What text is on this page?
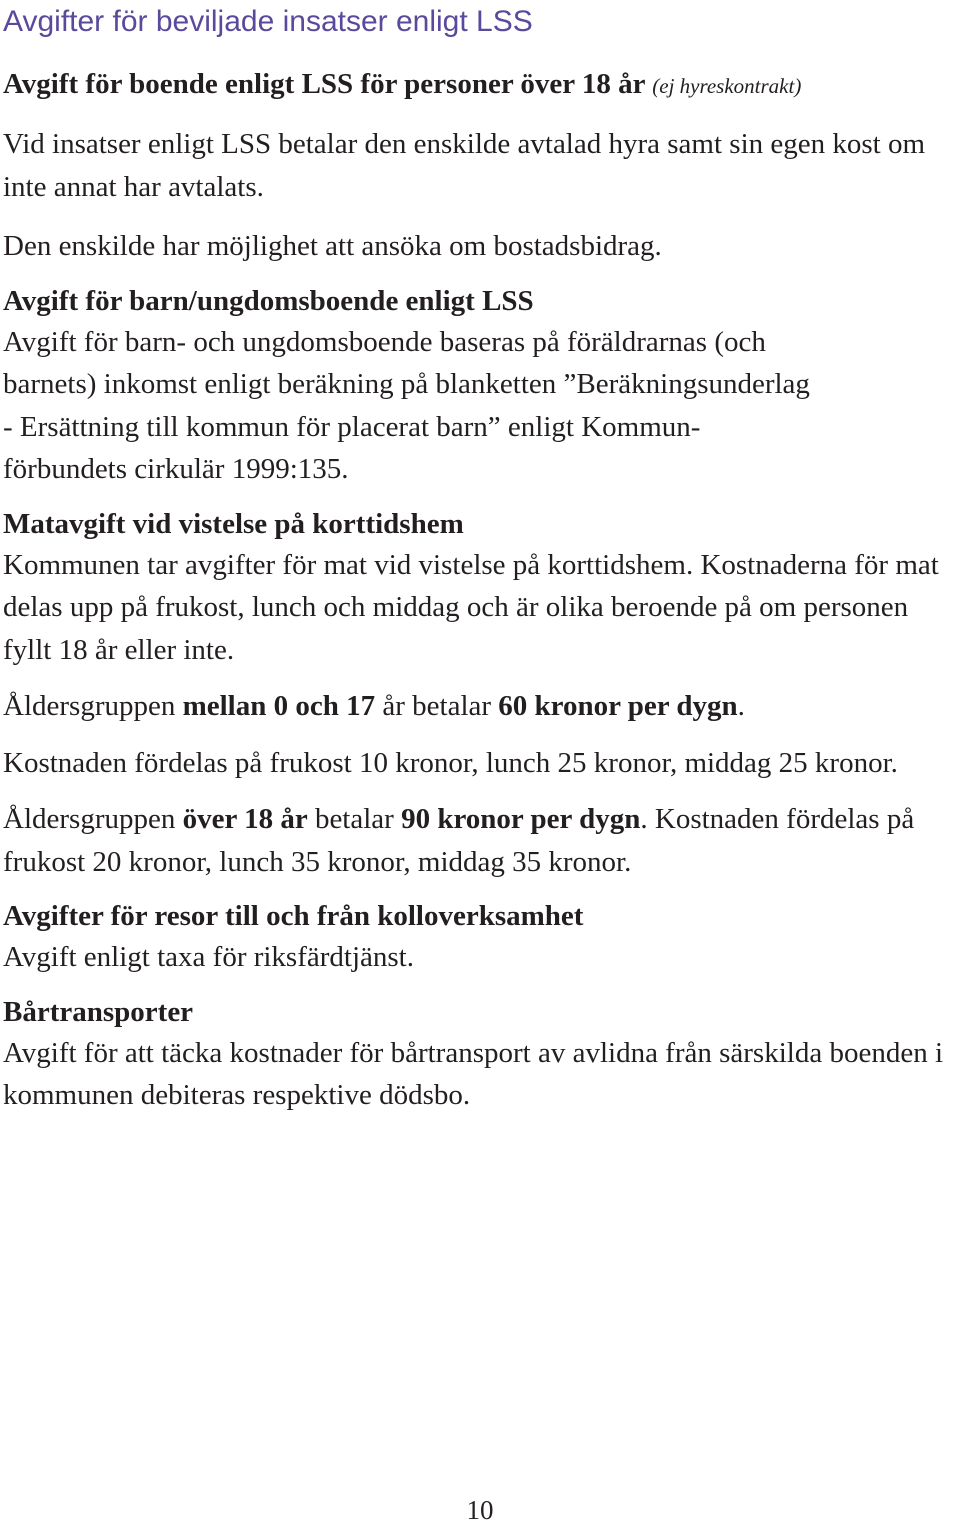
Avgifter för beviljade insatser enligt LSS
Avgift för boende enligt LSS för personer över 18 år (ej hyreskontrakt)

Vid insatser enligt LSS betalar den enskilde avtalad hyra samt sin egen kost om inte annat har avtalats.

Den enskilde har möjlighet att ansöka om bostadsbidrag.

Avgift för barn/ungdomsboende enligt LSS

Avgift för barn- och ungdomsboende baseras på föräldrarnas (och
barnets) inkomst enligt beräkning på blanketten ”Beräkningsunderlag
- Ersättning till kommun för placerat barn” enligt Kommun-
förbundets cirkulär 1999:135.

Matavgift vid vistelse på korttidshem

Kommunen tar avgifter för mat vid vistelse på korttidshem. Kostnaderna för mat delas upp på frukost, lunch och middag och är olika beroende på om personen fyllt 18 år eller inte.

Åldersgruppen mellan 0 och 17 år betalar 60 kronor per dygn.

Kostnaden fördelas på frukost 10 kronor, lunch 25 kronor, middag 25 kronor.

Åldersgruppen över 18 år betalar 90 kronor per dygn. Kostnaden fördelas på frukost 20 kronor, lunch 35 kronor, middag 35 kronor.

Avgifter för resor till och från kolloverksamhet

Avgift enligt taxa för riksfärdtjänst.

Bårtransporter

Avgift för att täcka kostnader för bårtransport av avlidna från särskilda boenden i kommunen debiteras respektive dödsbo.

10
